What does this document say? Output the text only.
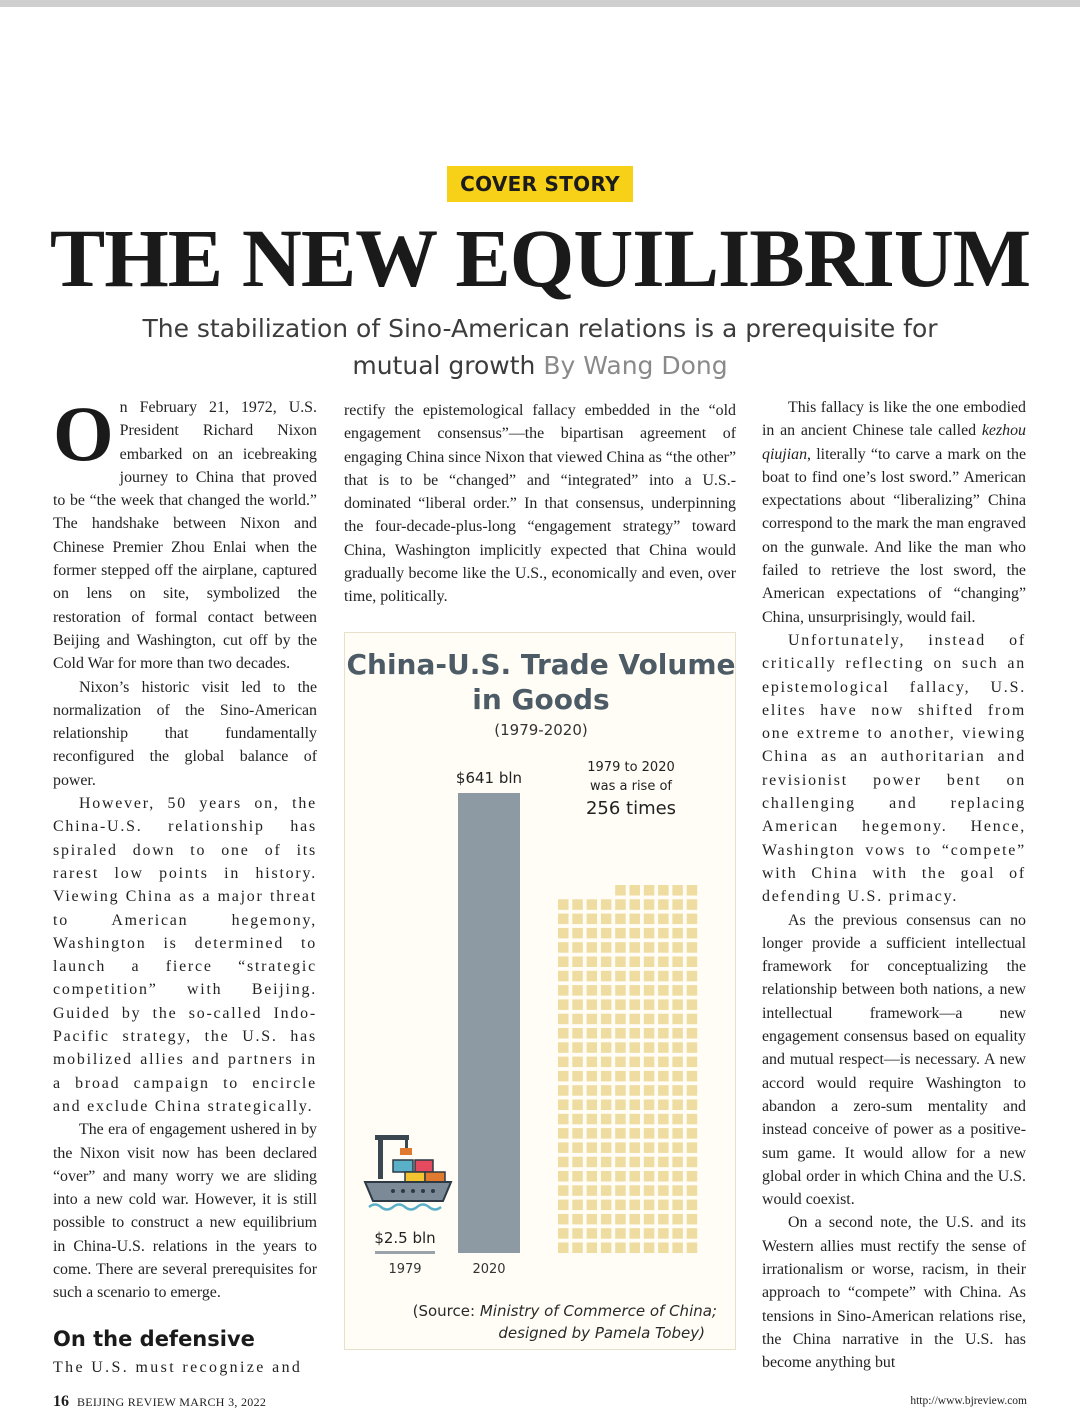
COVER STORY
THE NEW EQUILIBRIUM
The stabilization of Sino-American relations is a prerequisite for mutual growth By Wang Dong

On February 21, 1972, U.S. President Richard Nixon embarked on an icebreaking journey to China that proved to be “the week that changed the world.” The handshake between Nixon and Chinese Premier Zhou Enlai when the former stepped off the airplane, captured on lens on site, symbolized the restoration of formal contact between Beijing and Washington, cut off by the Cold War for more than two decades.

Nixon’s historic visit led to the normalization of the Sino-American relationship that fundamentally reconfigured the global balance of power.

However, 50 years on, the China-U.S. relationship has spiraled down to one of its rarest low points in history. Viewing China as a major threat to American hegemony, Washington is determined to launch a fierce “strategic competition” with Beijing. Guided by the so-called Indo-Pacific strategy, the U.S. has mobilized allies and partners in a broad campaign to encircle and exclude China strategically.

The era of engagement ushered in by the Nixon visit now has been declared “over” and many worry we are sliding into a new cold war. However, it is still possible to construct a new equilibrium in China-U.S. relations in the years to come. There are several prerequisites for such a scenario to emerge.

On the defensive

The U.S. must recognize and

rectify the epistemological fallacy embedded in the “old engagement consensus”—the bipartisan agreement of engaging China since Nixon that viewed China as “the other” that is to be “changed” and “integrated” into a U.S.-dominated “liberal order.” In that consensus, underpinning the four-decade-plus-long “engagement strategy” toward China, Washington implicitly expected that China would gradually become like the U.S., economically and even, over time, politically.

China-U.S. Trade Volume in Goods
(1979-2020)
$2.5 bln
1979
$641 bln
2020
1979 to 2020
was a rise of
256 times
(Source: Ministry of Commerce of China;
designed by Pamela Tobey)

This fallacy is like the one embodied in an ancient Chinese tale called kezhou qiujian, literally “to carve a mark on the boat to find one’s lost sword.” American expectations about “liberalizing” China correspond to the mark the man engraved on the gunwale. And like the man who failed to retrieve the lost sword, the American expectations of “changing” China, unsurprisingly, would fail.

Unfortunately, instead of critically reflecting on such an epistemological fallacy, U.S. elites have now shifted from one extreme to another, viewing China as an authoritarian and revisionist power bent on challenging and replacing American hegemony. Hence, Washington vows to “compete” with China with the goal of defending U.S. primacy.

As the previous consensus can no longer provide a sufficient intellectual framework for conceptualizing the relationship between both nations, a new intellectual framework—a new engagement consensus based on equality and mutual respect—is necessary. A new accord would require Washington to abandon a zero-sum mentality and instead conceive of power as a positive-sum game. It would allow for a new global order in which China and the U.S. would coexist.

On a second note, the U.S. and its Western allies must rectify the sense of irrationalism or worse, racism, in their approach to “compete” with China. As tensions in Sino-American relations rise, the China narrative in the U.S. has become anything but

16 BEIJING REVIEW MARCH 3, 2022	http://www.bjreview.com
